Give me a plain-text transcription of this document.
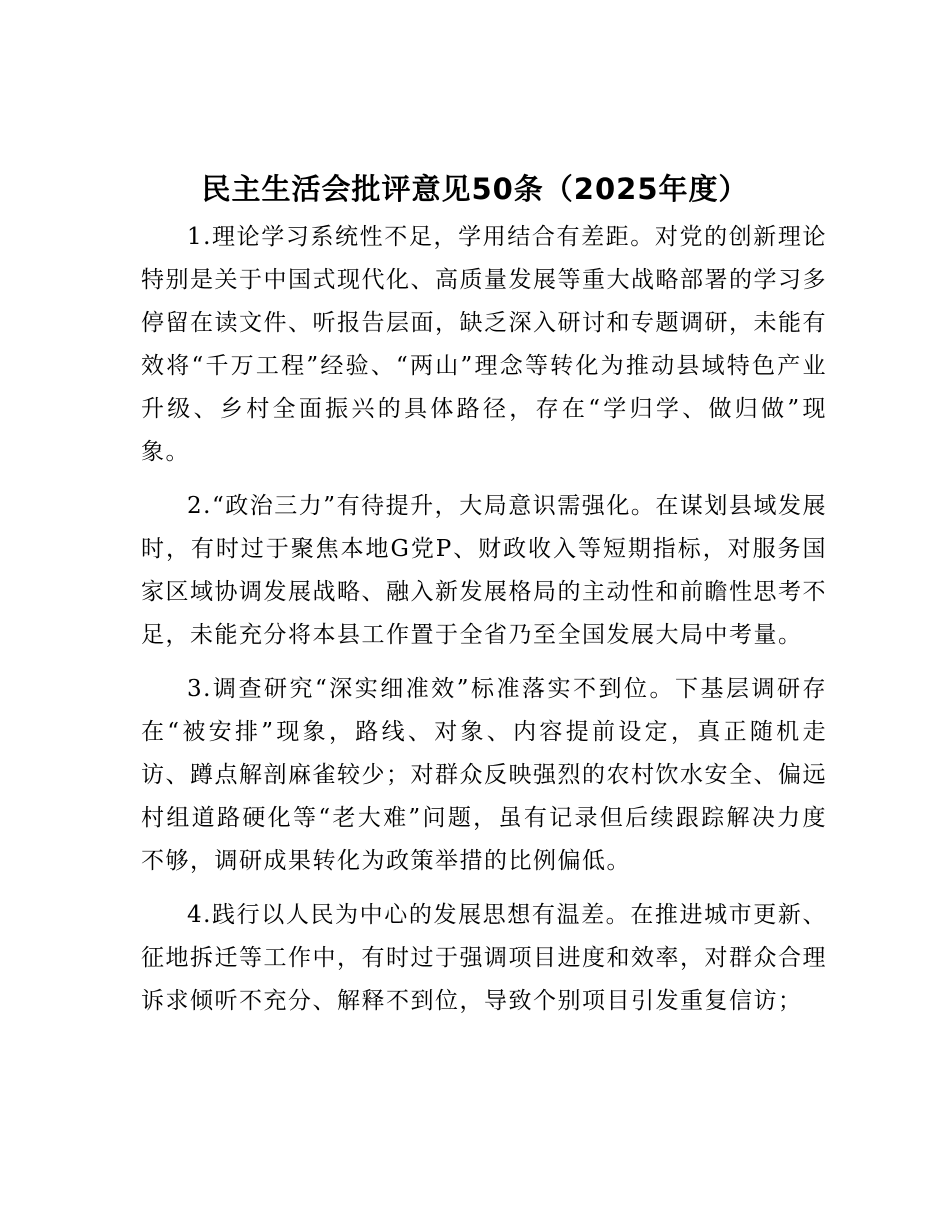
民主生活会批评意见50条（2025年度）

1.理论学习系统性不足，学用结合有差距。对党的创新理论特别是关于中国式现代化、高质量发展等重大战略部署的学习多停留在读文件、听报告层面，缺乏深入研讨和专题调研，未能有效将“千万工程”经验、“两山”理念等转化为推动县域特色产业升级、乡村全面振兴的具体路径，存在“学归学、做归做”现象。

2.“政治三力”有待提升，大局意识需强化。在谋划县域发展时，有时过于聚焦本地G党P、财政收入等短期指标，对服务国家区域协调发展战略、融入新发展格局的主动性和前瞻性思考不足，未能充分将本县工作置于全省乃至全国发展大局中考量。

3.调查研究“深实细准效”标准落实不到位。下基层调研存在“被安排”现象，路线、对象、内容提前设定，真正随机走访、蹲点解剖麻雀较少；对群众反映强烈的农村饮水安全、偏远村组道路硬化等“老大难”问题，虽有记录但后续跟踪解决力度不够，调研成果转化为政策举措的比例偏低。

4.践行以人民为中心的发展思想有温差。在推进城市更新、征地拆迁等工作中，有时过于强调项目进度和效率，对群众合理诉求倾听不充分、解释不到位，导致个别项目引发重复信访；
